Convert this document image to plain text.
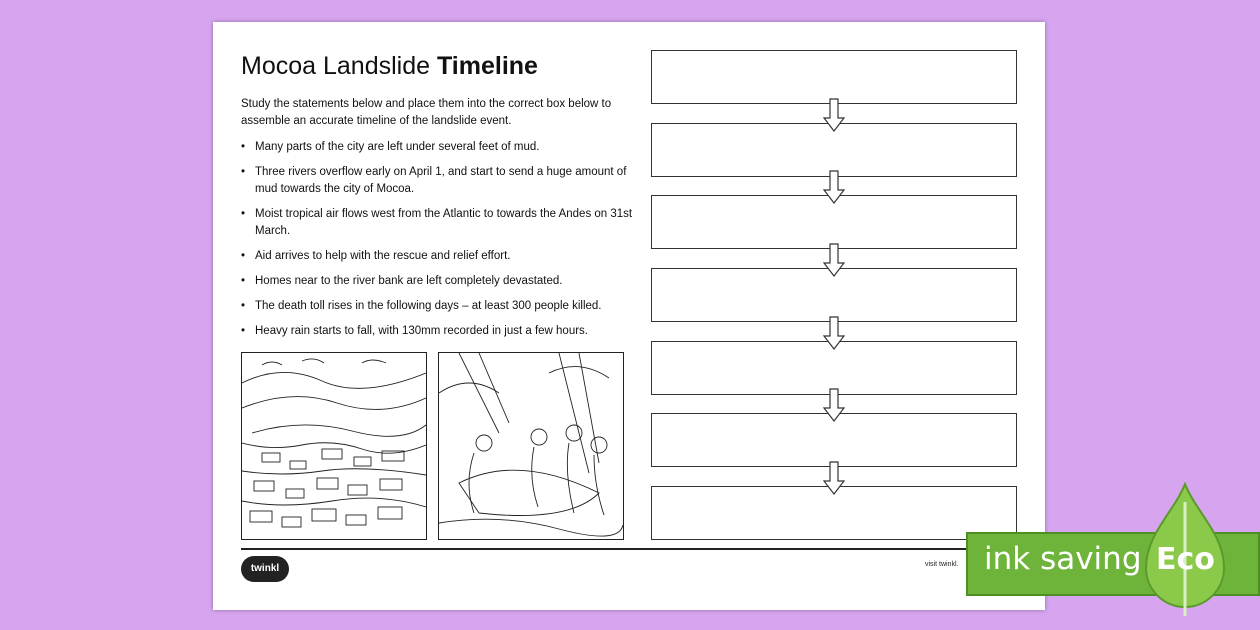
Mocoa Landslide Timeline
Study the statements below and place them into the correct box below to assemble an accurate timeline of the landslide event.
• Many parts of the city are left under several feet of mud.
• Three rivers overflow early on April 1, and start to send a huge amount of mud towards the city of Mocoa.
• Moist tropical air flows west from the Atlantic to towards the Andes on 31st March.
• Aid arrives to help with the rescue and relief effort.
• Homes near to the river bank are left completely devastated.
• The death toll rises in the following days – at least 300 people killed.
• Heavy rain starts to fall, with 130mm recorded in just a few hours.
twinkl	visit twinkl. ink saving Eco
